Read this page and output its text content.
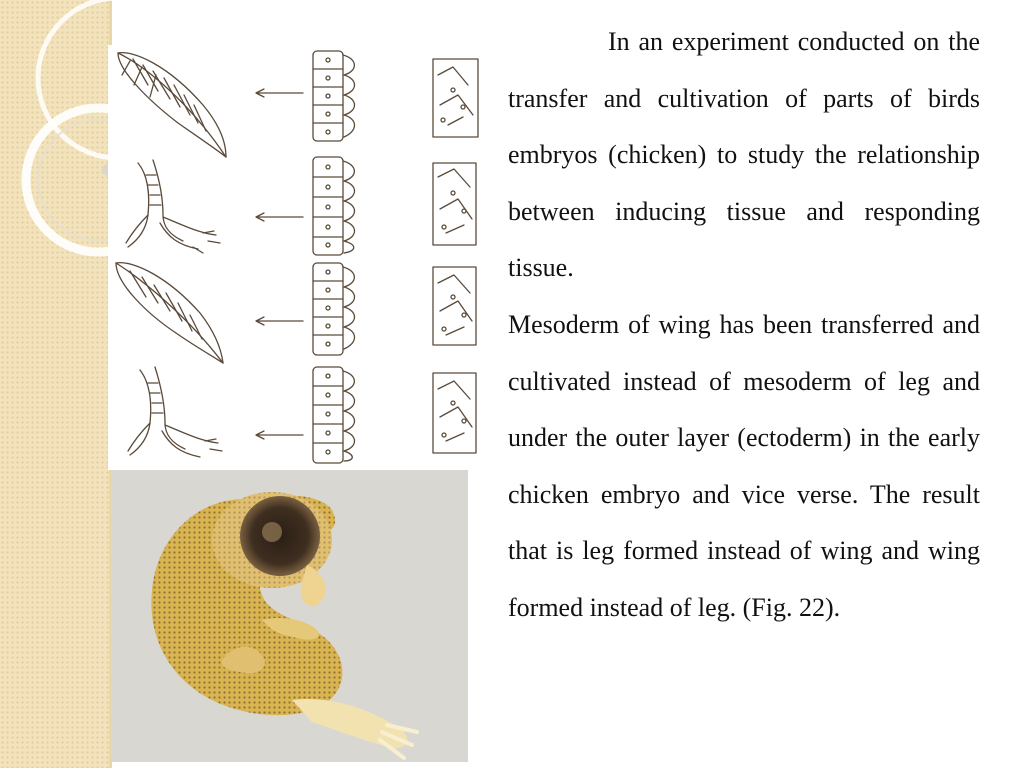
In an experiment conducted on the transfer and cultivation of parts of birds embryos (chicken) to study the relationship between inducing tissue and responding tissue.

Mesoderm of wing has been transferred and cultivated instead of mesoderm of leg and under the outer layer (ectoderm) in the early chicken embryo and vice verse. The result that is leg formed instead of wing and wing formed instead of leg. (Fig. 22).
